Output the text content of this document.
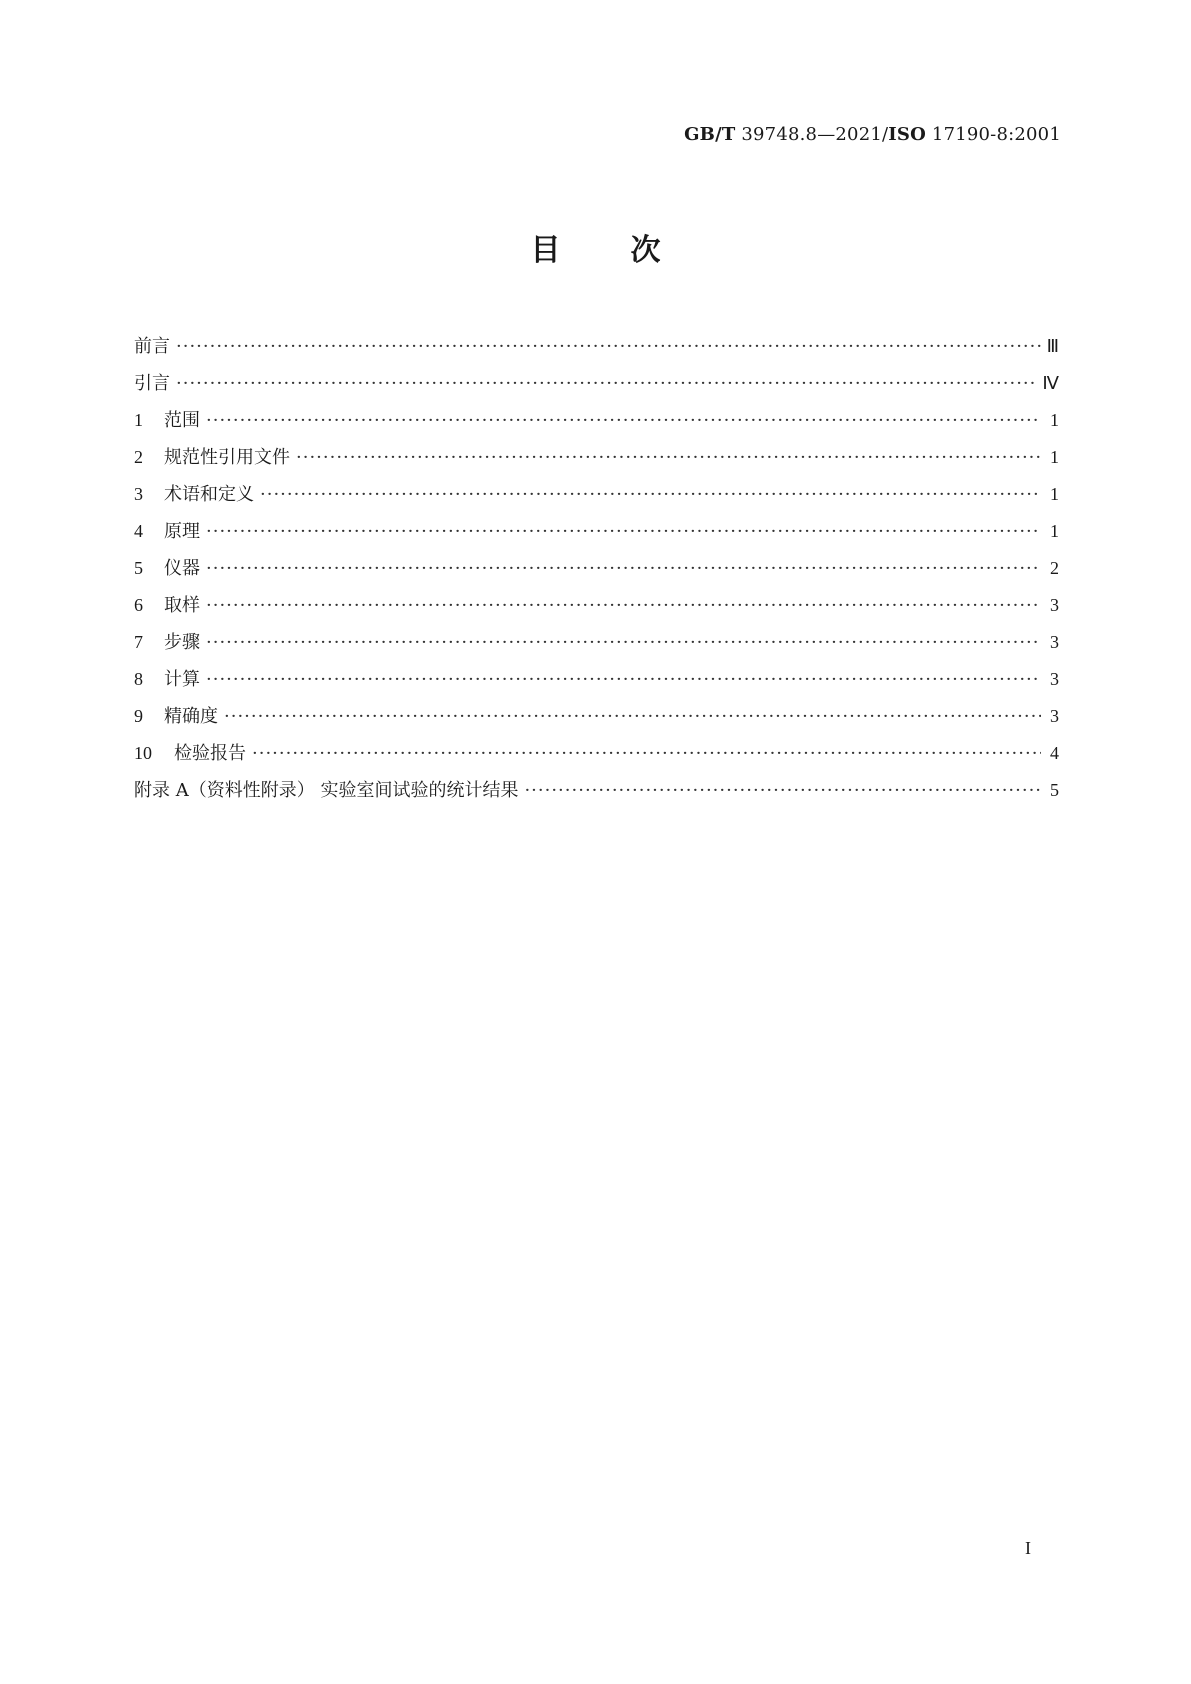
GB/T 39748.8—2021/ISO 17190-8:2001
目 次
前言 ·····	Ⅲ
引言 ·····	Ⅳ
1	范围 ·····	1
2	规范性引用文件 ·····	1
3	术语和定义 ·····	1
4	原理 ·····	1
5	仪器 ·····	2
6	取样 ·····	3
7	步骤 ·····	3
8	计算 ·····	3
9	精确度 ·····	3
10	检验报告 ·····	4
附录 A（资料性附录） 实验室间试验的统计结果 ·····	5
I
